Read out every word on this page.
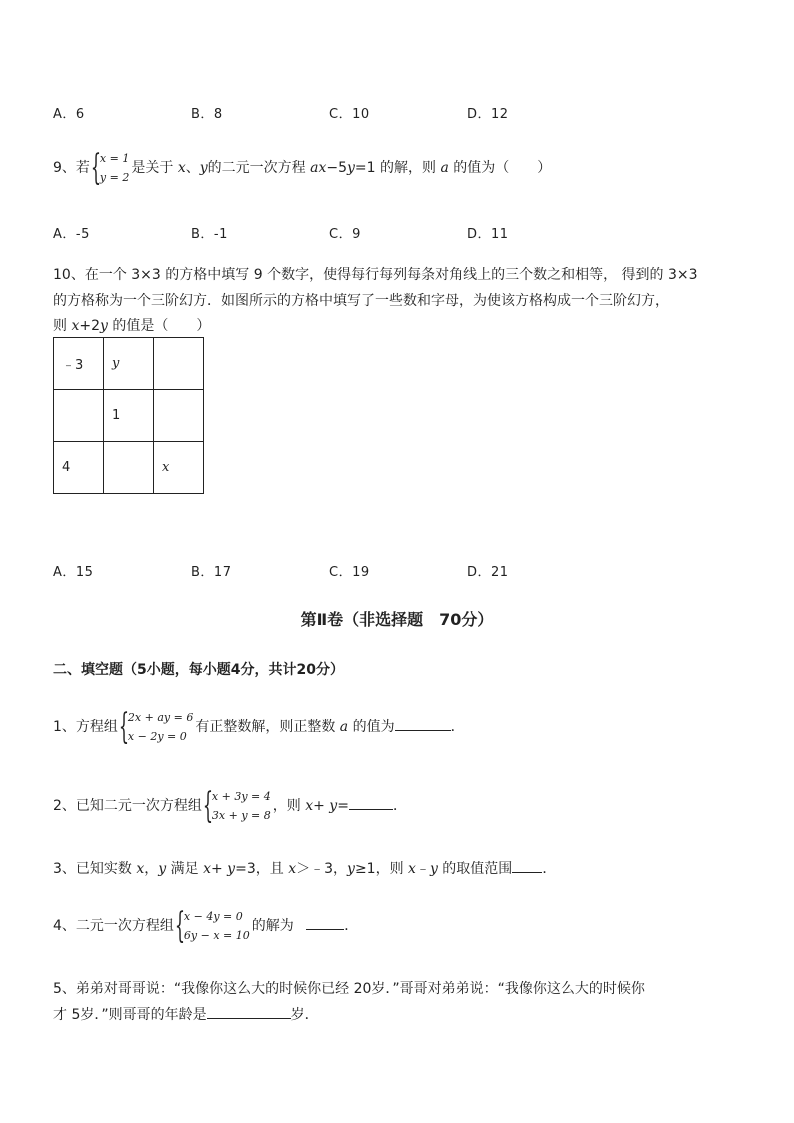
A．6	B．8	C．10	D．12
9、若 {
x = 1
y = 2
是关于 x、y的二元一次方程 ax−5y=1 的解，则 a 的值为（　　）
A．-5	B．-1	C．9	D．11
10、在一个 3×3 的方格中填写 9 个数字，使得每行每列每条对角线上的三个数之和相等， 得到的 3×3
的方格称为一个三阶幻方．如图所示的方格中填写了一些数和字母，为使该方格构成一个三阶幻方，
则 x+2y 的值是（　　）
﹣3	y	
	1	
4		x
A．15	B．17	C．19	D．21
第Ⅱ卷（非选择题　70分）
二、填空题（5小题，每小题4分，共计20分）
1、方程组 {
2x + ay = 6
x − 2y = 0
有正整数解，则正整数 a 的值为	．
2、已知二元一次方程组 {
x + 3y = 4
3x + y = 8
，则 x+ y=	．
3、已知实数 x，y 满足 x+ y=3，且 x＞﹣3，y≥1，则 x﹣y 的取值范围 ．
4、二元一次方程组 {
x − 4y = 0
6y − x = 10
的解为	．
5、弟弟对哥哥说：“我像你这么大的时候你已经 20岁．”哥哥对弟弟说：“我像你这么大的时候你
才 5岁．”则哥哥的年龄是	岁．
